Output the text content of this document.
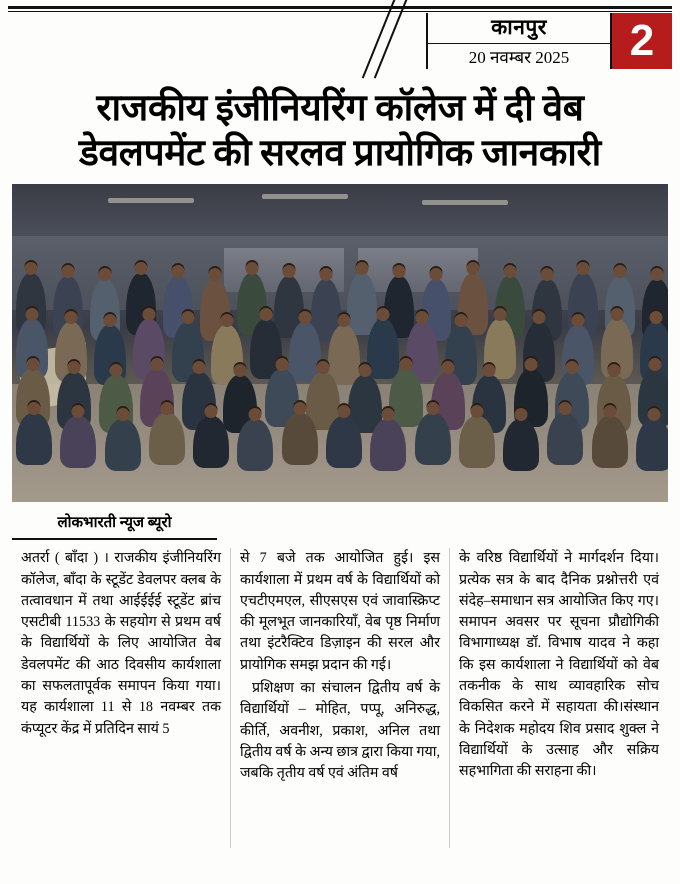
कानपुर
20 नवम्बर 2025	2
राजकीय इंजीनियरिंग कॉलेज में दी वेब
डेवलपमेंट की सरलव प्रायोगिक जानकारी
लोकभारती न्यूज ब्यूरो

अतर्रा ( बाँदा ) । राजकीय इंजीनियरिंग कॉलेज, बाँदा के स्टूडेंट डेवलपर क्लब के तत्वावधान में तथा आईईईई स्टूडेंट ब्रांच एसटीबी 11533 के सहयोग से प्रथम वर्ष के विद्यार्थियों के लिए आयोजित वेब डेवलपमेंट की आठ दिवसीय कार्यशाला का सफलतापूर्वक समापन किया गया। यह कार्यशाला 11 से 18 नवम्बर तक कंप्यूटर केंद्र में प्रतिदिन सायं 5

से 7 बजे तक आयोजित हुई। इस कार्यशाला में प्रथम वर्ष के विद्यार्थियों को एचटीएमएल, सीएसएस एवं जावास्क्रिप्ट की मूलभूत जानकारियाँ, वेब पृष्ठ निर्माण तथा इंटरैक्टिव डिज़ाइन की सरल और प्रायोगिक समझ प्रदान की गई।

प्रशिक्षण का संचालन द्वितीय वर्ष के विद्यार्थियों – मोहित, पप्पू, अनिरुद्ध, कीर्ति, अवनीश, प्रकाश, अनिल तथा द्वितीय वर्ष के अन्य छात्र द्वारा किया गया, जबकि तृतीय वर्ष एवं अंतिम वर्ष

के वरिष्ठ विद्यार्थियों ने मार्गदर्शन दिया। प्रत्येक सत्र के बाद दैनिक प्रश्नोत्तरी एवं संदेह–समाधान सत्र आयोजित किए गए। समापन अवसर पर सूचना प्रौद्योगिकी विभागाध्यक्ष डॉ. विभाष यादव ने कहा कि इस कार्यशाला ने विद्यार्थियों को वेब तकनीक के साथ व्यावहारिक सोच विकसित करने में सहायता की।संस्थान के निदेशक महोदय शिव प्रसाद शुक्ल ने विद्यार्थियों के उत्साह और सक्रिय सहभागिता की सराहना की।
